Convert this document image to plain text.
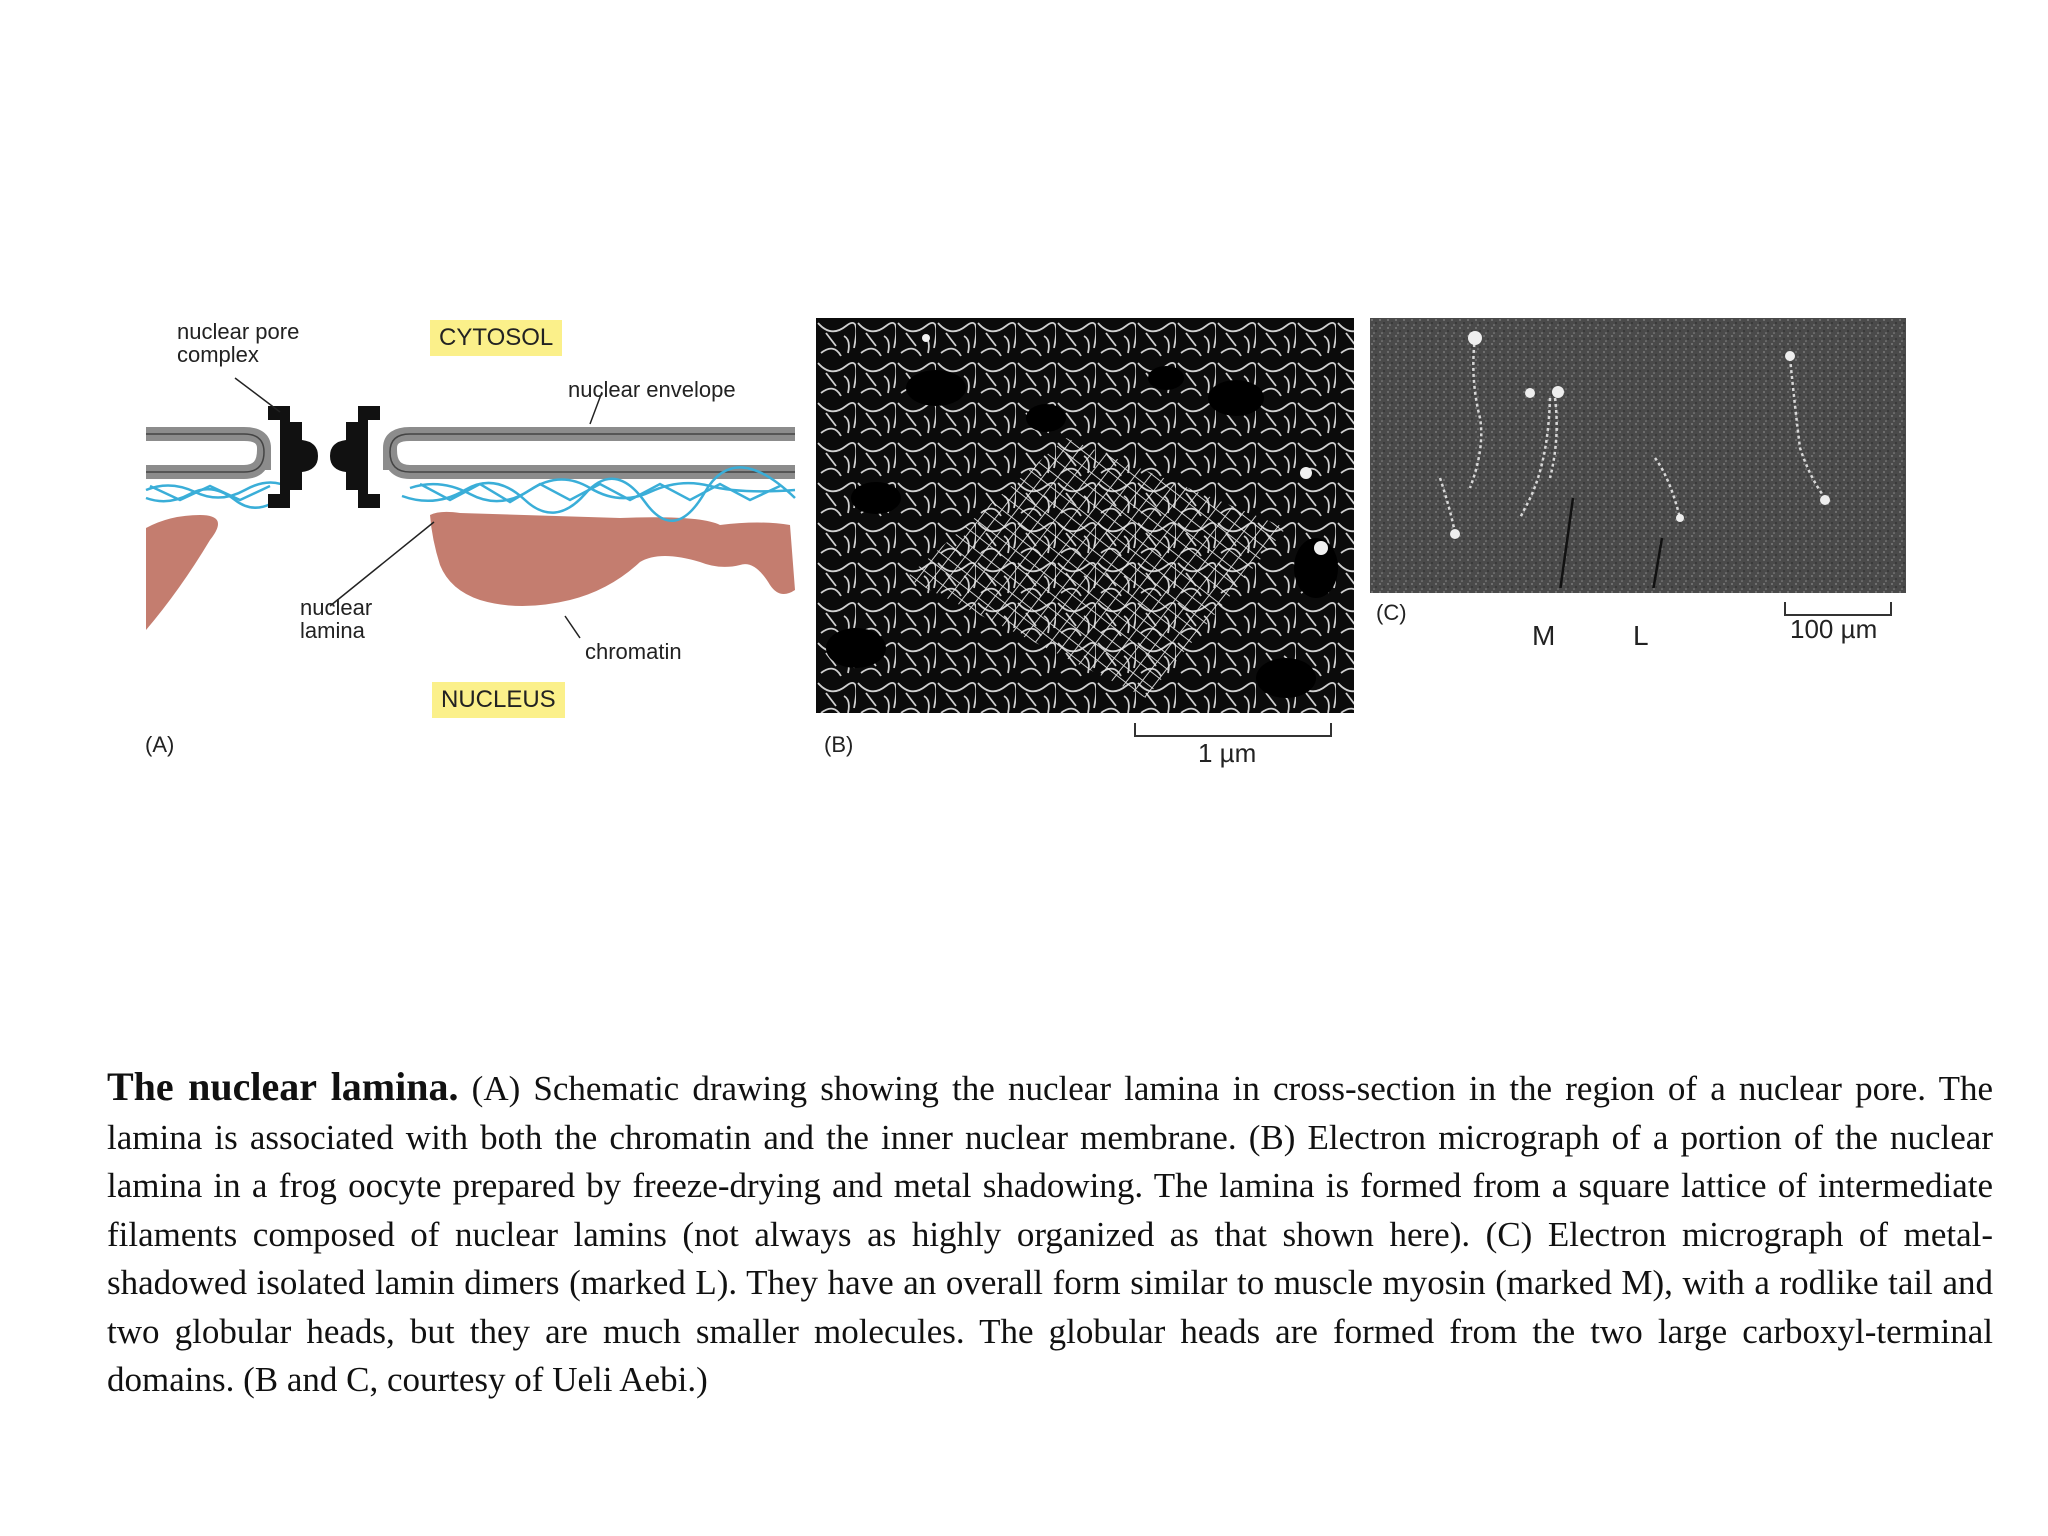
nuclear pore complex
CYTOSOL
nuclear envelope
nuclear lamina
chromatin
NUCLEUS
(A)	1 µm
(B)
100 µm
M	L
(C)

The nuclear lamina. (A) Schematic drawing showing the nuclear lamina in cross-section in the region of a nuclear pore. The lamina is associated with both the chromatin and the inner nuclear membrane. (B) Electron micrograph of a portion of the nuclear lamina in a frog oocyte prepared by freeze-drying and metal shadowing. The lamina is formed from a square lattice of intermediate filaments composed of nuclear lamins (not always as highly organized as that shown here). (C) Electron micrograph of metal-shadowed isolated lamin dimers (marked L). They have an overall form similar to muscle myosin (marked M), with a rodlike tail and two globular heads, but they are much smaller molecules. The globular heads are formed from the two large carboxyl-terminal domains. (B and C, courtesy of Ueli Aebi.)
